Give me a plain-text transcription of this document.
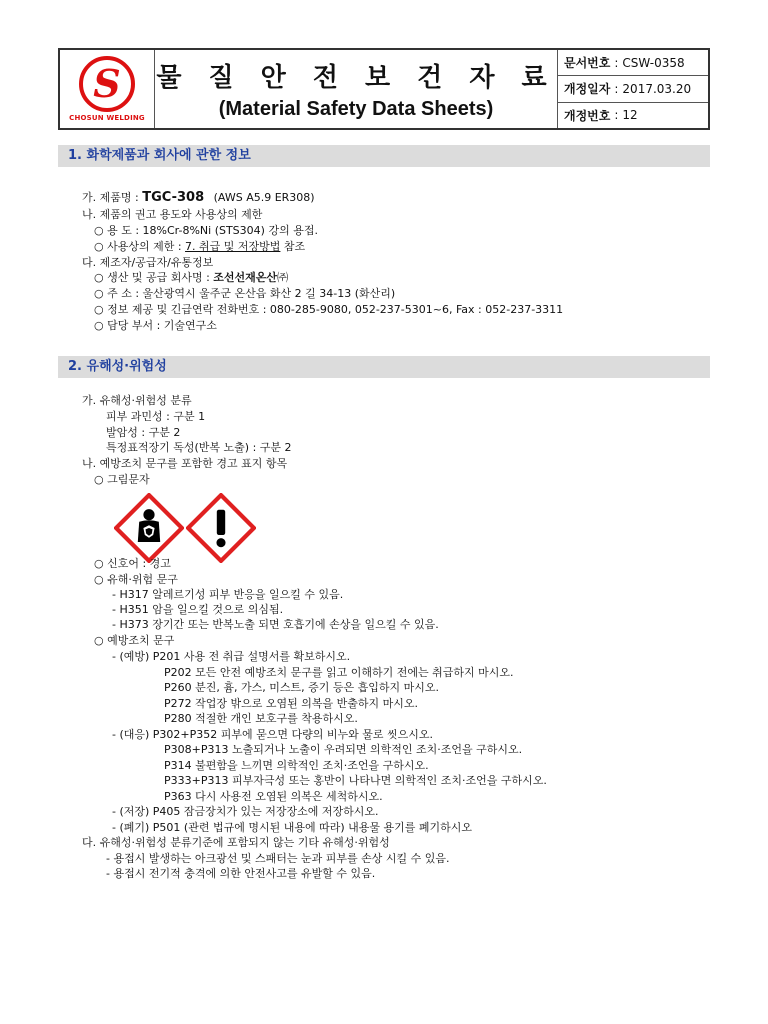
S
CHOSUN WELDING
물 질 안 전 보 건 자 료
(Material Safety Data Sheets)
문서번호 : CSW-0358
개정일자 : 2017.03.20
개정번호 : 12
1. 화학제품과 회사에 관한 정보
가. 제품명 : TGC-308 (AWS A5.9 ER308)
나. 제품의 권고 용도와 사용상의 제한
○ 용 도 : 18%Cr-8%Ni (STS304) 강의 용접.
○ 사용상의 제한 : 7. 취급 및 저장방법 참조
다. 제조자/공급자/유통정보
○ 생산 및 공급 회사명 : 조선선재온산㈜
○ 주 소 : 울산광역시 울주군 온산읍 화산 2 길 34-13 (화산리)
○ 정보 제공 및 긴급연락 전화번호 : 080-285-9080, 052-237-5301~6, Fax : 052-237-3311
○ 담당 부서 : 기술연구소
2. 유해성·위험성
가. 유해성·위험성 분류
피부 과민성 : 구분 1
발암성 : 구분 2
특정표적장기 독성(반복 노출) : 구분 2
나. 예방조치 문구를 포함한 경고 표지 항목
○ 그림문자
○ 신호어 : 경고
○ 유해·위험 문구
- H317 알레르기성 피부 반응을 일으킬 수 있음.
- H351 암을 일으킬 것으로 의심됨.
- H373 장기간 또는 반복노출 되면 호흡기에 손상을 일으킬 수 있음.
○ 예방조치 문구
- (예방) P201 사용 전 취급 설명서를 확보하시오.
P202 모든 안전 예방조치 문구를 읽고 이해하기 전에는 취급하지 마시오.
P260 분진, 흄, 가스, 미스트, 증기 등은 흡입하지 마시오.
P272 작업장 밖으로 오염된 의복을 반출하지 마시오.
P280 적절한 개인 보호구를 착용하시오.
- (대응) P302+P352 피부에 묻으면 다량의 비누와 물로 씻으시오.
P308+P313 노출되거나 노출이 우려되면 의학적인 조치·조언을 구하시오.
P314 불편함을 느끼면 의학적인 조치·조언을 구하시오.
P333+P313 피부자극성 또는 홍반이 나타나면 의학적인 조치·조언을 구하시오.
P363 다시 사용전 오염된 의복은 세척하시오.
- (저장) P405 잠금장치가 있는 저장장소에 저장하시오.
- (폐기) P501 (관련 법규에 명시된 내용에 따라) 내용물 용기를 폐기하시오
다. 유해성·위험성 분류기준에 포함되지 않는 기타 유해성·위험성
- 용접시 발생하는 아크광선 및 스패터는 눈과 피부를 손상 시킬 수 있음.
- 용접시 전기적 충격에 의한 안전사고를 유발할 수 있음.
